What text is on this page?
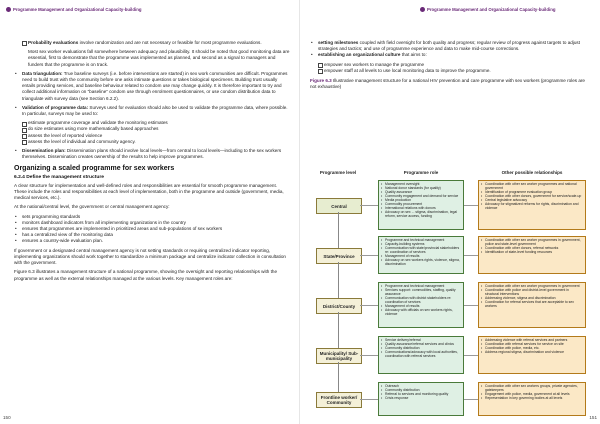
Programme Management and Organizational Capacity-building
Probability evaluations involve randomization and are not necessary or feasible for most programme evaluations.

Most sex worker evaluations fall somewhere between adequacy and plausibility. It should be noted that good monitoring data are essential, first to demonstrate that the programme was implemented as planned, and second as a signal to managers and funders that the programme is on track.

• Data triangulation: True baseline surveys (i.e. before interventions are started) in sex work communities are difficult. Programmes need to build trust with the community before one asks intimate questions or takes biological specimens. Building trust usually entails providing services, and baseline behaviour related to condom use may change quickly. It is therefore important to try and collect additional information on “baseline” condom use through enrolment questionnaires, or use condom distribution data to triangulate with survey data (see Section 6.2.2).
• Validation of programme data: Surveys used for evaluation should also be used to validate the programme data, where possible. In particular, surveys may be used to:
estimate programme coverage and validate the monitoring estimates
do size estimates using more mathematically based approaches
assess the level of reported violence
assess the level of individual and community agency.
• Dissemination plan: Dissemination plans should involve local levels—from central to local levels—including to the sex workers themselves. Dissemination creates ownership of the results to help improve programmes.
Organizing a scaled programme for sex workers
6.2.4 Define the management structure

A clear structure for implementation and well-defined roles and responsibilities are essential for smooth programme management. These include the roles and responsibilities at each level of implementation, both in the programme and outside (government, media, medical services, etc.).

At the national/central level, the government or central management agency:

• sets programming standards
• monitors dashboard indicators from all implementing organizations in the country
• ensures that programmes are implemented in prioritized areas and sub-populations of sex workers
• has a centralized view of the monitoring data
• ensures a country-wide evaluation plan.

If government or a designated central management agency is not setting standards or requiring centralized indicator reporting, implementing organizations should work together to standardize a minimum package and centralize indicator collection in consultation with the government.

Figure 6.3 illustrates a management structure of a national programme, showing the oversight and reporting relationships with the programme as well as the external relationships managed at the various levels. Key management roles are:

150
Programme Management and Organizational Capacity-building
• setting milestones coupled with field oversight for both quality and progress; regular review of progress against targets to adjust strategies and tactics; and use of programme experience and data to make mid-course corrections.
• establishing an organizational culture that aims to:
empower sex workers to manage the programme
empower staff at all levels to use local monitoring data to improve the programme.
Figure 6.3 Illustrative management structure for a national HIV prevention and care programme with sex workers (programme roles are not exhaustive)
Programme level	Programme role	Other possible relationships
Central
• Management oversight
• National donor standards (for quality)
• Quality assurance
• Community engagement and demand for service
• Media production
• Commodity procurement
• International relations with donors
• Advocacy on sex ... stigma, discrimination, legal reform, service access, funding
• Coordination with other sex worker programmes and national government
• Identification of programme evaluation group
• Coordination with other donors, government for service/scale-up
• Central legislative advocacy
• Advocacy for stigmatized reforms for rights, discrimination and violence
State/Province
• Programme and technical management
• Capacity-building systems
• Communication with state/provincial stakeholders re: coordination of services
• Management of results
• Advocacy on sex workers rights, violence, stigma, discrimination
• Coordination with other sex worker programmes in government, police and state-level government
• Coordination with other donors, referral networks
• Identification of state-level funding resources
District/County
• Programme and technical management
• Services support: commodities, staffing, quality assurance
• Communication with district stakeholders re: coordination of services
• Management of results
• Advocacy with officials on sex workers rights, violence
• Coordination with other sex worker programmes in government
• Coordination with police and district-level government in structural interventions
• Addressing violence, stigma and discrimination
• Coordination for referral services that are acceptable to sex workers
Municipality/ Sub-municipality
• Service delivery/referral
• Quality assurance/referral services and clinics
• Community distribution
• Communications/advocacy with local authorities, coordination with referral services
• Addressing violence with referral services and partners
• Coordination with referral services for service on site
• Coordination with police, media, etc.
• Address regional stigma, discrimination and violence
Frontline worker/ Community
• Outreach
• Community distribution
• Referral to services and monitoring quality
• Crisis response
• Coordination with other sex workers groups, private agencies, gatekeepers
• Engagement with police, media, government at all levels
• Representation in key governing bodies at all levels
151
